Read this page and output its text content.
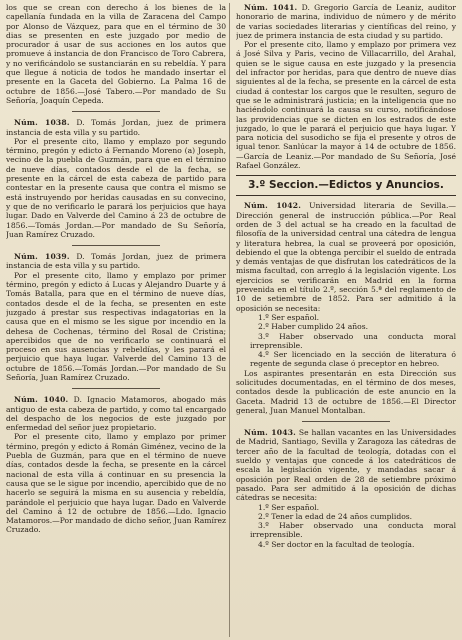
los que se crean con derecho á los bienes de la capellanía fundada en la villa de Zaracena del Campo por Alonso de Vázquez, para que en el término de 30 dias se presenten en este juzgado por medio de procurador á usar de sus acciones en los autos que promueve á instancia de don Francisco de Toro Cabrera, y no verificándolo se sustanciarán en su rebeldía. Y para que llegue á noticia de todos he mandado insertar el presente en la Gaceta del Gobierno. La Palma 16 de octubre de 1856.—José Tabero.—Por mandado de Su Señoría, Joaquín Cepeda.

Núm. 1038. D. Tomás Jordan, juez de primera instancia de esta villa y su partido.

Por el presente cito, llamo y emplazo por segundo término, pregón y edicto á Fernando Moreno (a) Joseph, vecino de la puebla de Guzmán, para que en el término de nueve días, contados desde el de la fecha, se presente en la cárcel de esta cabeza de partido para contestar en la presente causa que contra el mismo se está instruyendo por heridas causadas en su convecino, y que de no verificarlo le parará los perjuicios que haya lugar. Dado en Valverde del Camino á 23 de octubre de 1856.—Tomás Jordan.—Por mandado de Su Señoría, Juan Ramírez Cruzado.

Núm. 1039. D. Tomás Jordan, juez de primera instancia de esta villa y su partido.

Por el presente cito, llamo y emplazo por primer término, pregón y edicto á Lucas y Alejandro Duarte y á Tomás Batalla, para que en el término de nueve días, contados desde el de la fecha, se presenten en este juzgado á prestar sus respectivas indagatorias en la causa que en el mismo se les sigue por incendio en la dehesa de Cochenas, término del Rosal de Cristina; apercibidos que de no verificarlo se continuará el proceso en sus ausencias y rebeldías, y les parará el perjuicio que haya lugar. Valverde del Camino 13 de octubre de 1856.—Tomás Jordan.—Por mandado de Su Señoría, Juan Ramírez Cruzado.

Núm. 1040. D. Ignacio Matamoros, abogado más antiguo de esta cabeza de partido, y como tal encargado del despacho de los negocios de este juzgado por enfermedad del señor juez propietario.

Por el presente cito, llamo y emplazo por primer término, pregón y edicto á Román Giménez, vecino de la Puebla de Guzmán, para que en el término de nueve días, contados desde la fecha, se presente en la cárcel nacional de esta villa á continuar en su presencia la causa que se le sigue por incendio, apercibido que de no hacerlo se seguirá la misma en su ausencia y rebeldía, parándole el perjuicio que haya lugar. Dado en Valverde del Camino á 12 de octubre de 1856.—Ldo. Ignacio Matamoros.—Por mandado de dicho señor, Juan Ramírez Cruzado.

Núm. 1041. D. Gregorio García de Leaniz, auditor honorario de marina, individuo de número y de mérito de varias sociedades literarias y científicas del reino, y juez de primera instancia de esta ciudad y su partido.

Por el presente cito, llamo y emplazo por primera vez á José Silva y Paris, vecino de Villacarrillo, del Arahal, quien se le sigue causa en este juzgado y la presencia del infractor por heridas, para que dentro de nueve días siguientes al de la fecha, se presente en la cárcel de esta ciudad á contestar los cargos que le resulten, seguro de que se le administrará justicia; en la inteligencia que no haciéndolo continuará la causa su curso, notificándose las providencias que se dicten en los estrados de este juzgado, lo que le parará el perjuicio que haya lugar. Y para noticia del susodicho se fija el presente y otros de igual tenor. Sanlúcar la mayor á 14 de octubre de 1856.—García de Leaniz.—Por mandado de Su Señoría, José Rafael González.

3.º Seccion.—Edictos y Anuncios.

Núm. 1042. Universidad literaria de Sevilla.—Dirección general de instrucción pública.—Por Real orden de 3 del actual se ha creado en la facultad de filosofía de la universidad central una cátedra de lengua y literatura hebrea, la cual se proveerá por oposición, debiendo el que la obtenga percibir el sueldo de entrada y demás ventajas de que disfrutan los catedráticos de la misma facultad, con arreglo á la legislación vigente. Los ejercicios se verificarán en Madrid en la forma prevenida en el título 2.º, sección 5.ª del reglamento de 10 de setiembre de 1852. Para ser admitido á la oposición se necesita:

1.º Ser español.

2.º Haber cumplido 24 años.

3.º Haber observado una conducta moral irreprensible.

4.º Ser licenciado en la sección de literatura ó regente de segunda clase ó preceptor en hebreo.

Los aspirantes presentarán en esta Dirección sus solicitudes documentadas, en el término de dos meses, contados desde la publicación de este anuncio en la Gaceta. Madrid 13 de octubre de 1856.—El Director general, Juan Manuel Montalban.

Núm. 1043. Se hallan vacantes en las Universidades de Madrid, Santiago, Sevilla y Zaragoza las cátedras de tercer año de la facultad de teología, dotadas con el sueldo y ventajas que concede á los catedráticos de escala la legislación vigente, y mandadas sacar á oposición por Real orden de 28 de setiembre próximo pasado. Para ser admitido á la oposición de dichas cátedras se necesita:

1.º Ser español.

2.º Tener la edad de 24 años cumplidos.

3.º Haber observado una conducta moral irreprensible.

4.º Ser doctor en la facultad de teología.
